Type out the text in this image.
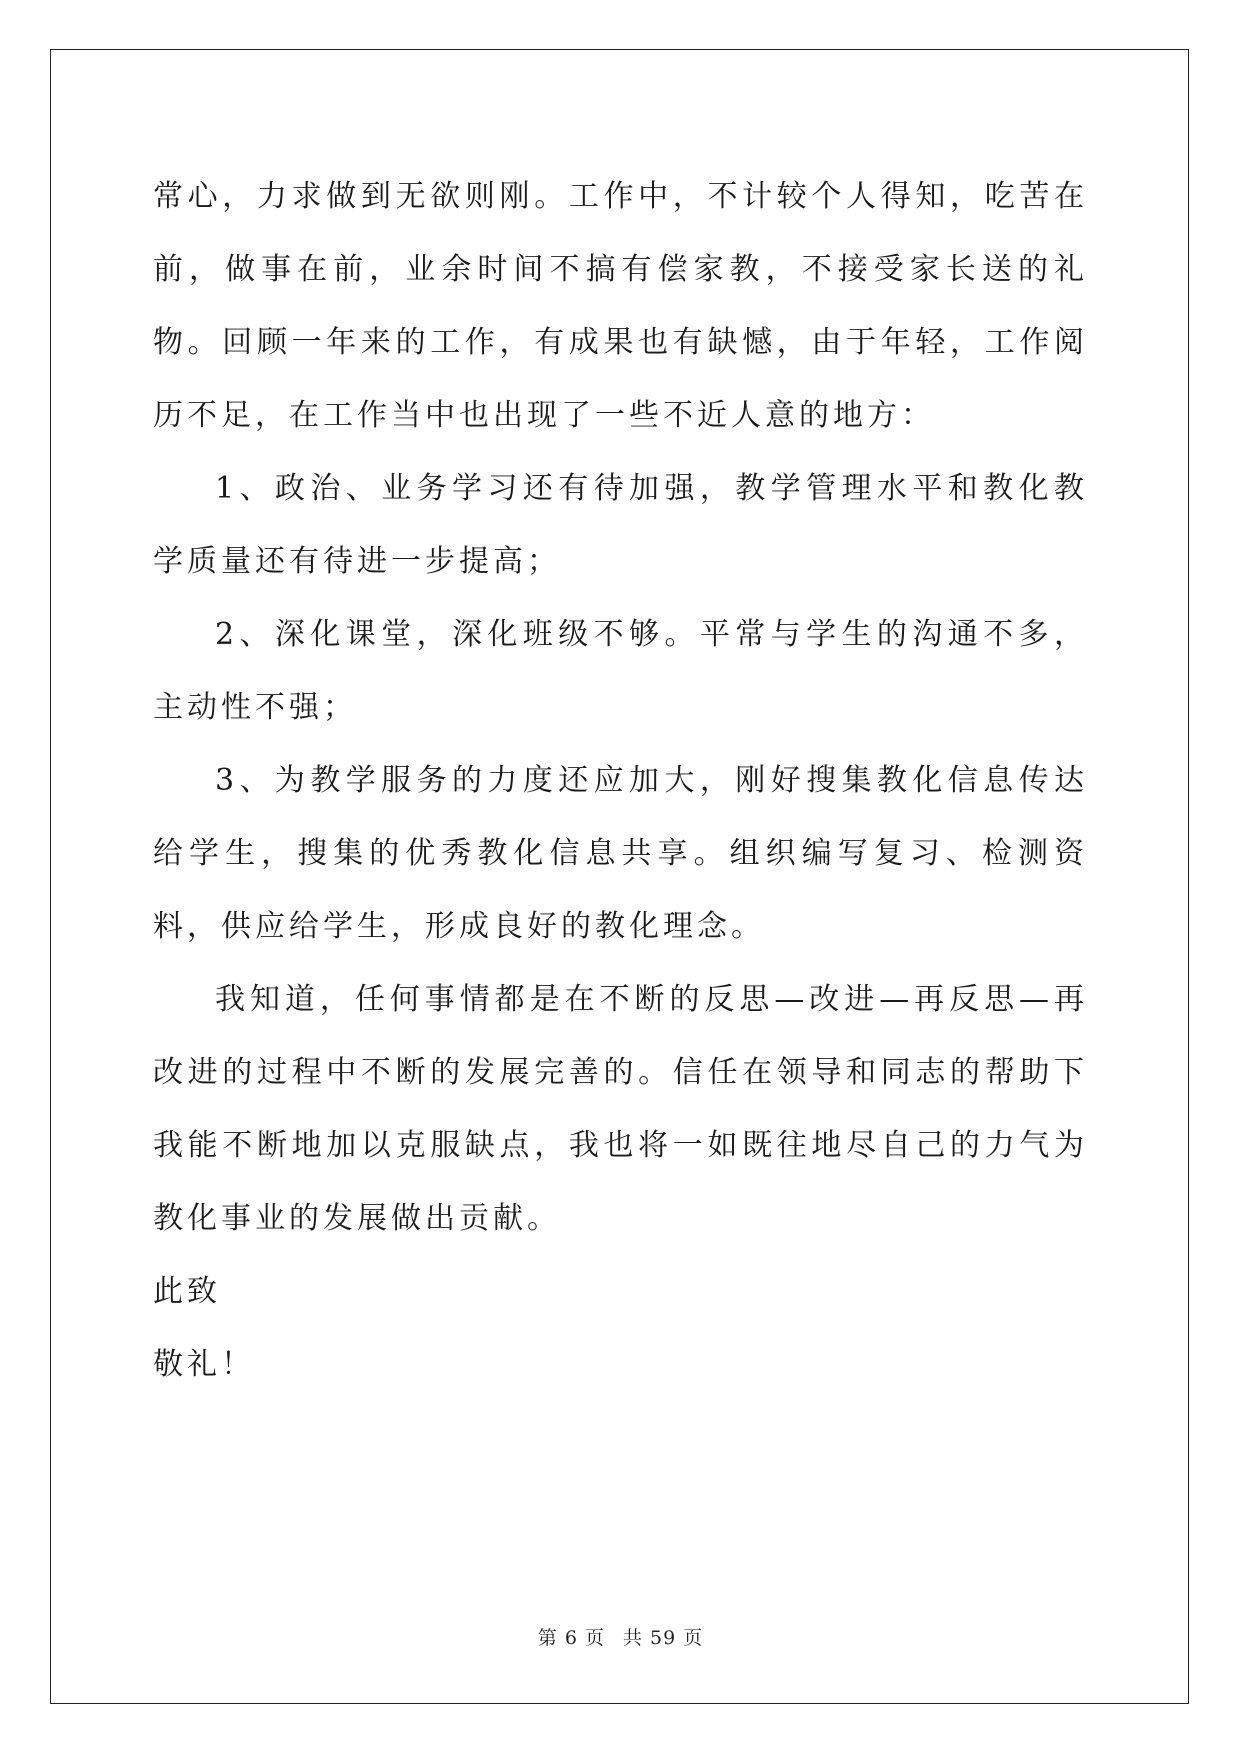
常心，力求做到无欲则刚。工作中，不计较个人得知，吃苦在前，做事在前，业余时间不搞有偿家教，不接受家长送的礼物。回顾一年来的工作，有成果也有缺憾，由于年轻，工作阅历不足，在工作当中也出现了一些不近人意的地方：

1、政治、业务学习还有待加强，教学管理水平和教化教学质量还有待进一步提高；

2、深化课堂，深化班级不够。平常与学生的沟通不多，主动性不强；

3、为教学服务的力度还应加大，刚好搜集教化信息传达给学生，搜集的优秀教化信息共享。组织编写复习、检测资料，供应给学生，形成良好的教化理念。

我知道，任何事情都是在不断的反思—改进—再反思—再改进的过程中不断的发展完善的。信任在领导和同志的帮助下我能不断地加以克服缺点，我也将一如既往地尽自己的力气为教化事业的发展做出贡献。

此致

敬礼！

第 6 页 共 59 页
